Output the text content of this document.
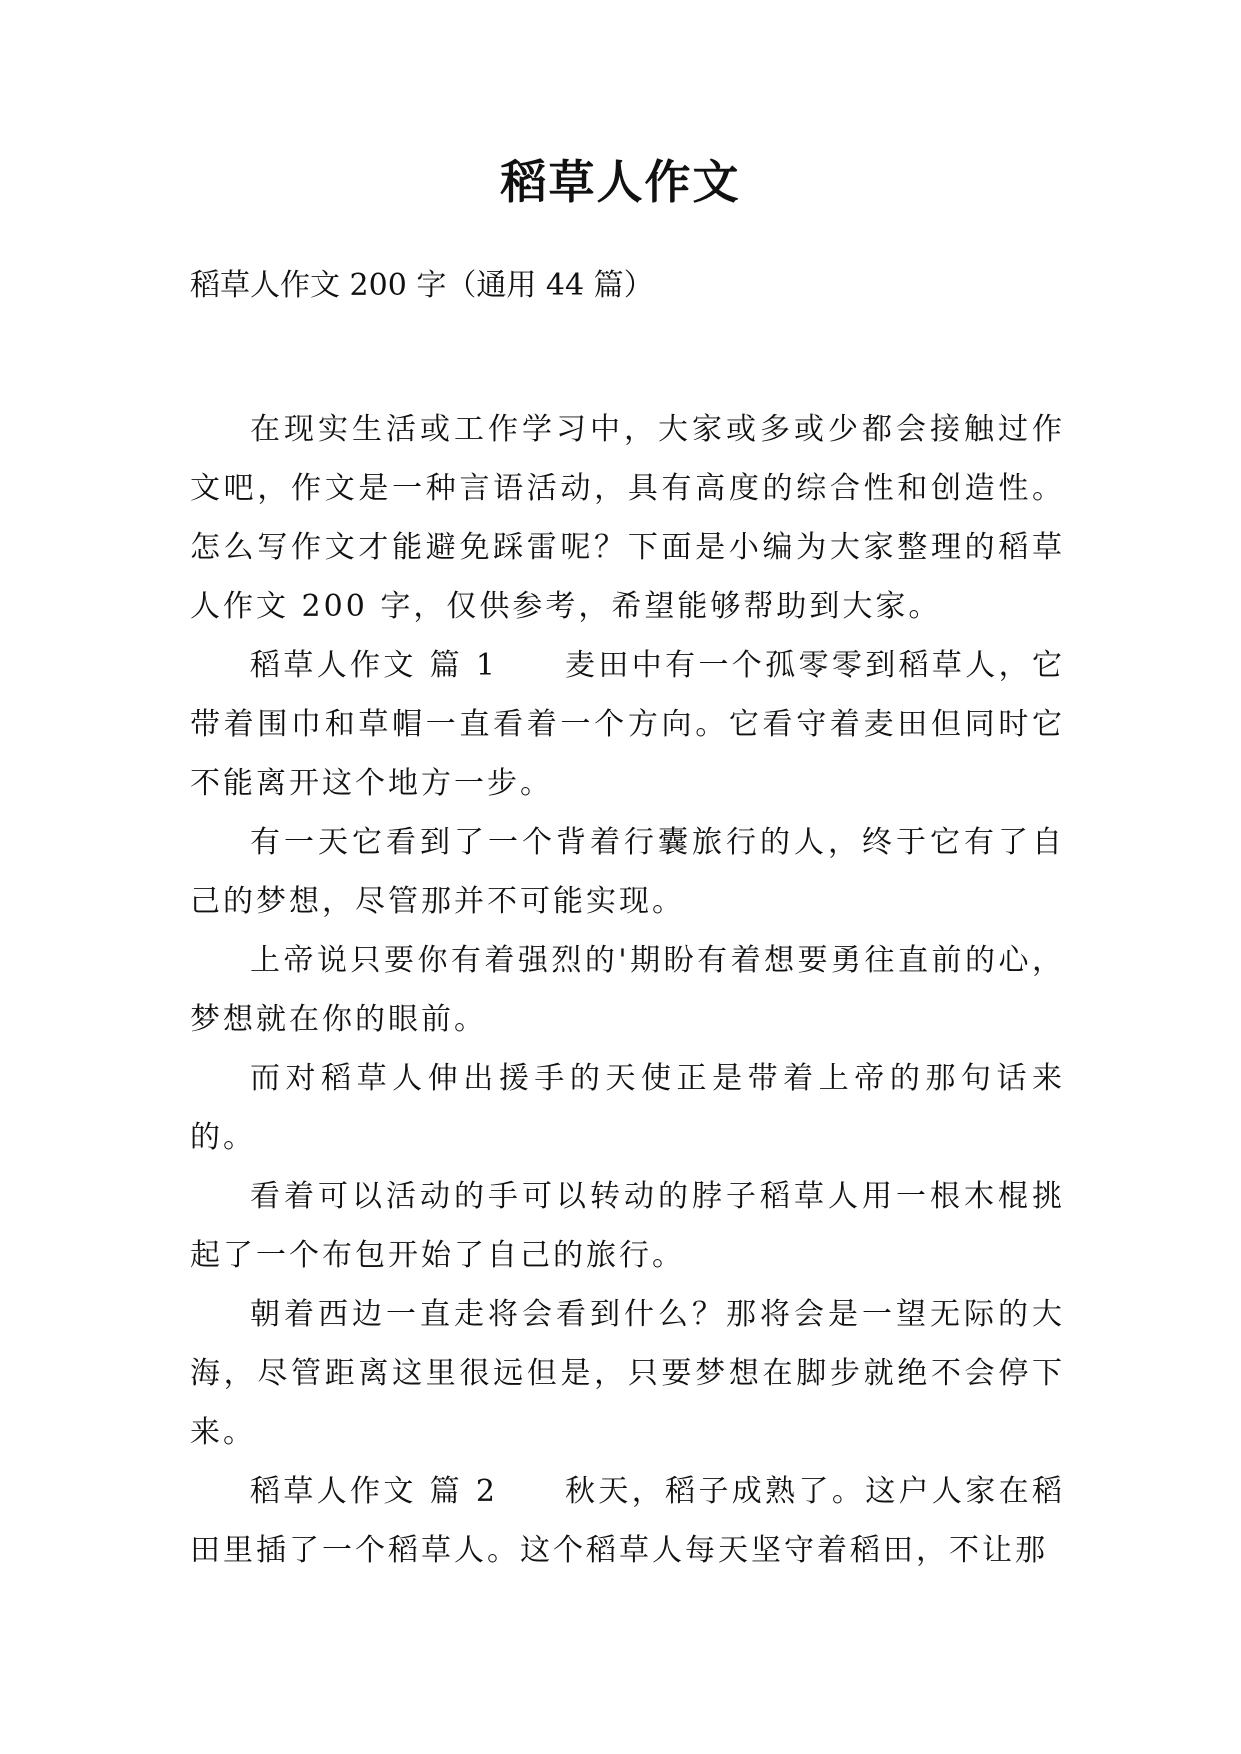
稻草人作文

稻草人作文 200 字（通用 44 篇）

在现实生活或工作学习中，大家或多或少都会接触过作文吧，作文是一种言语活动，具有高度的综合性和创造性。怎么写作文才能避免踩雷呢？下面是小编为大家整理的稻草人作文 200 字，仅供参考，希望能够帮助到大家。

稻草人作文 篇 1　　麦田中有一个孤零零到稻草人，它带着围巾和草帽一直看着一个方向。它看守着麦田但同时它不能离开这个地方一步。

有一天它看到了一个背着行囊旅行的人，终于它有了自己的梦想，尽管那并不可能实现。

上帝说只要你有着强烈的'期盼有着想要勇往直前的心，梦想就在你的眼前。

而对稻草人伸出援手的天使正是带着上帝的那句话来的。

看着可以活动的手可以转动的脖子稻草人用一根木棍挑起了一个布包开始了自己的旅行。

朝着西边一直走将会看到什么？那将会是一望无际的大海，尽管距离这里很远但是，只要梦想在脚步就绝不会停下来。

稻草人作文 篇 2　　秋天，稻子成熟了。这户人家在稻田里插了一个稻草人。这个稻草人每天坚守着稻田，不让那
